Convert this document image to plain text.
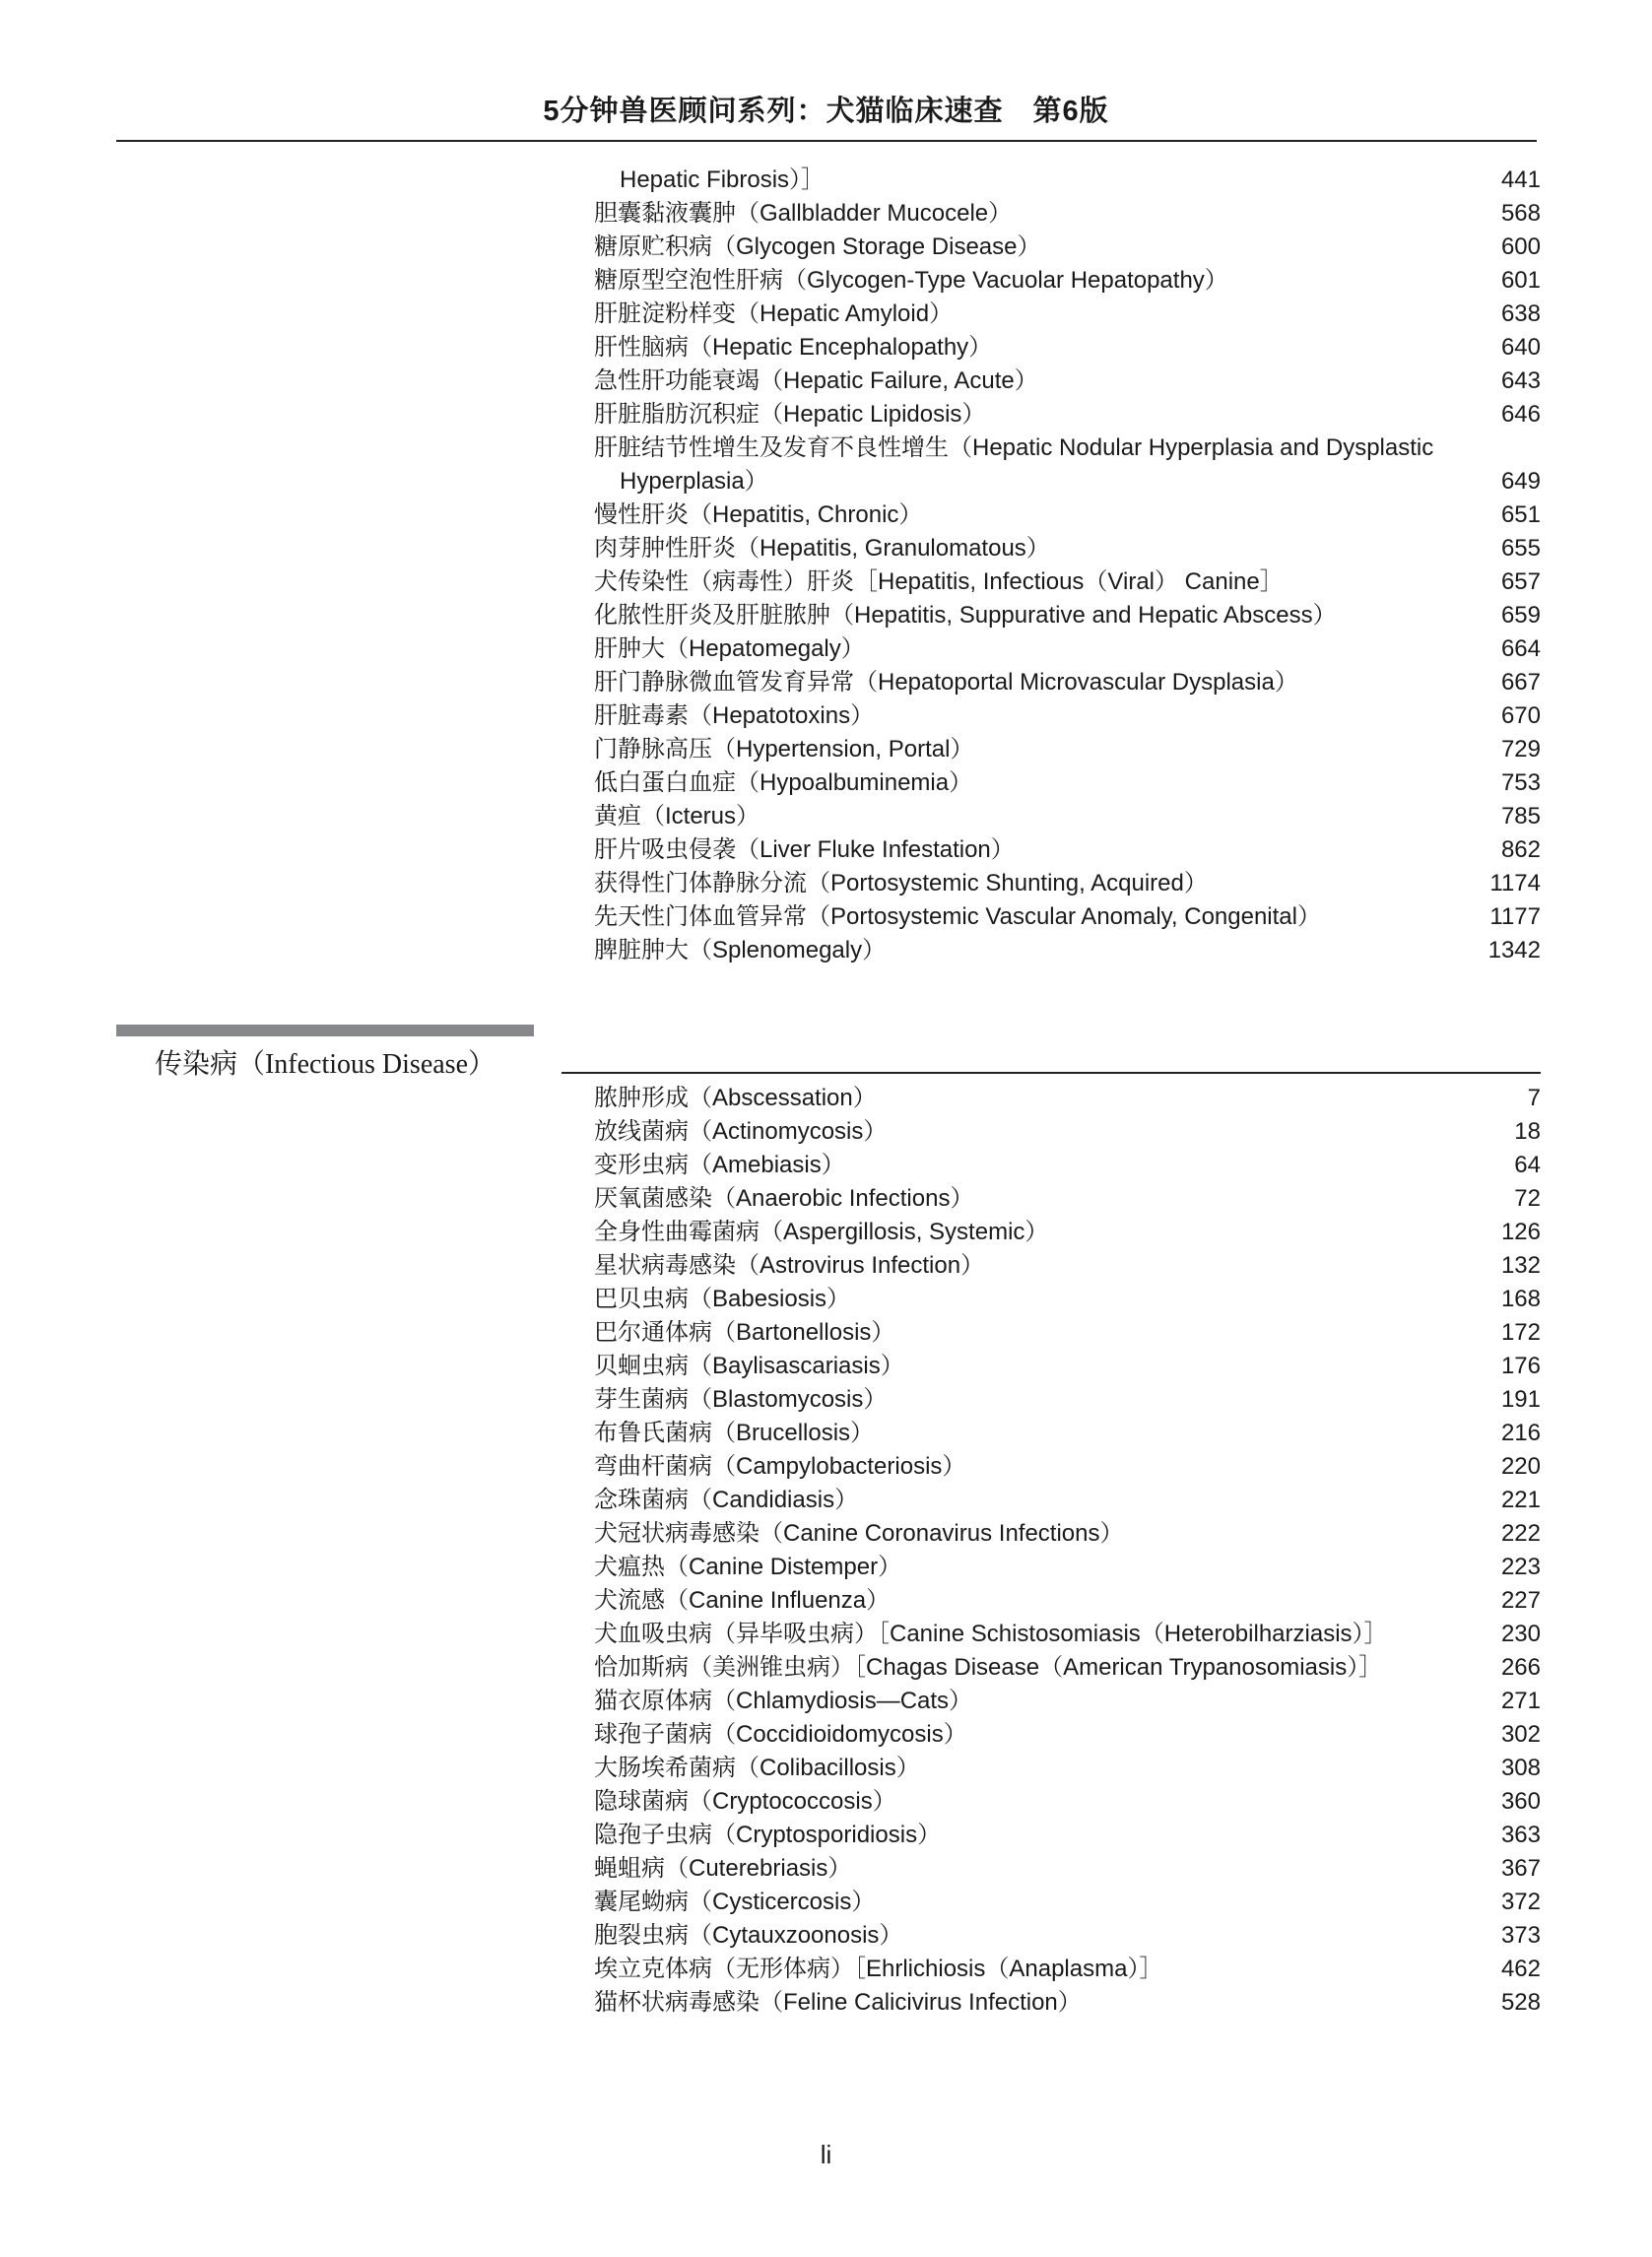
5分钟兽医顾问系列：犬猫临床速查　第6版
Hepatic Fibrosis）］	441
胆囊黏液囊肿（Gallbladder Mucocele）	568
糖原贮积病（Glycogen Storage Disease）	600
糖原型空泡性肝病（Glycogen-Type Vacuolar Hepatopathy）	601
肝脏淀粉样变（Hepatic Amyloid）	638
肝性脑病（Hepatic Encephalopathy）	640
急性肝功能衰竭（Hepatic Failure, Acute）	643
肝脏脂肪沉积症（Hepatic Lipidosis）	646
肝脏结节性增生及发育不良性增生（Hepatic Nodular Hyperplasia and Dysplastic
Hyperplasia）	649
慢性肝炎（Hepatitis, Chronic）	651
肉芽肿性肝炎（Hepatitis, Granulomatous）	655
犬传染性（病毒性）肝炎［Hepatitis, Infectious（Viral） Canine］	657
化脓性肝炎及肝脏脓肿（Hepatitis, Suppurative and Hepatic Abscess）	659
肝肿大（Hepatomegaly）	664
肝门静脉微血管发育异常（Hepatoportal Microvascular Dysplasia）	667
肝脏毒素（Hepatotoxins）	670
门静脉高压（Hypertension, Portal）	729
低白蛋白血症（Hypoalbuminemia）	753
黄疸（Icterus）	785
肝片吸虫侵袭（Liver Fluke Infestation）	862
获得性门体静脉分流（Portosystemic Shunting, Acquired）	1174
先天性门体血管异常（Portosystemic Vascular Anomaly, Congenital）	1177
脾脏肿大（Splenomegaly）	1342
传染病（Infectious Disease）
脓肿形成（Abscessation）	7
放线菌病（Actinomycosis）	18
变形虫病（Amebiasis）	64
厌氧菌感染（Anaerobic Infections）	72
全身性曲霉菌病（Aspergillosis, Systemic）	126
星状病毒感染（Astrovirus Infection）	132
巴贝虫病（Babesiosis）	168
巴尔通体病（Bartonellosis）	172
贝蛔虫病（Baylisascariasis）	176
芽生菌病（Blastomycosis）	191
布鲁氏菌病（Brucellosis）	216
弯曲杆菌病（Campylobacteriosis）	220
念珠菌病（Candidiasis）	221
犬冠状病毒感染（Canine Coronavirus Infections）	222
犬瘟热（Canine Distemper）	223
犬流感（Canine Influenza）	227
犬血吸虫病（异毕吸虫病）［Canine Schistosomiasis（Heterobilharziasis）］	230
恰加斯病（美洲锥虫病）［Chagas Disease（American Trypanosomiasis）］	266
猫衣原体病（Chlamydiosis—Cats）	271
球孢子菌病（Coccidioidomycosis）	302
大肠埃希菌病（Colibacillosis）	308
隐球菌病（Cryptococcosis）	360
隐孢子虫病（Cryptosporidiosis）	363
蝇蛆病（Cuterebriasis）	367
囊尾蚴病（Cysticercosis）	372
胞裂虫病（Cytauxzoonosis）	373
埃立克体病（无形体病）［Ehrlichiosis（Anaplasma）］	462
猫杯状病毒感染（Feline Calicivirus Infection）	528
li
